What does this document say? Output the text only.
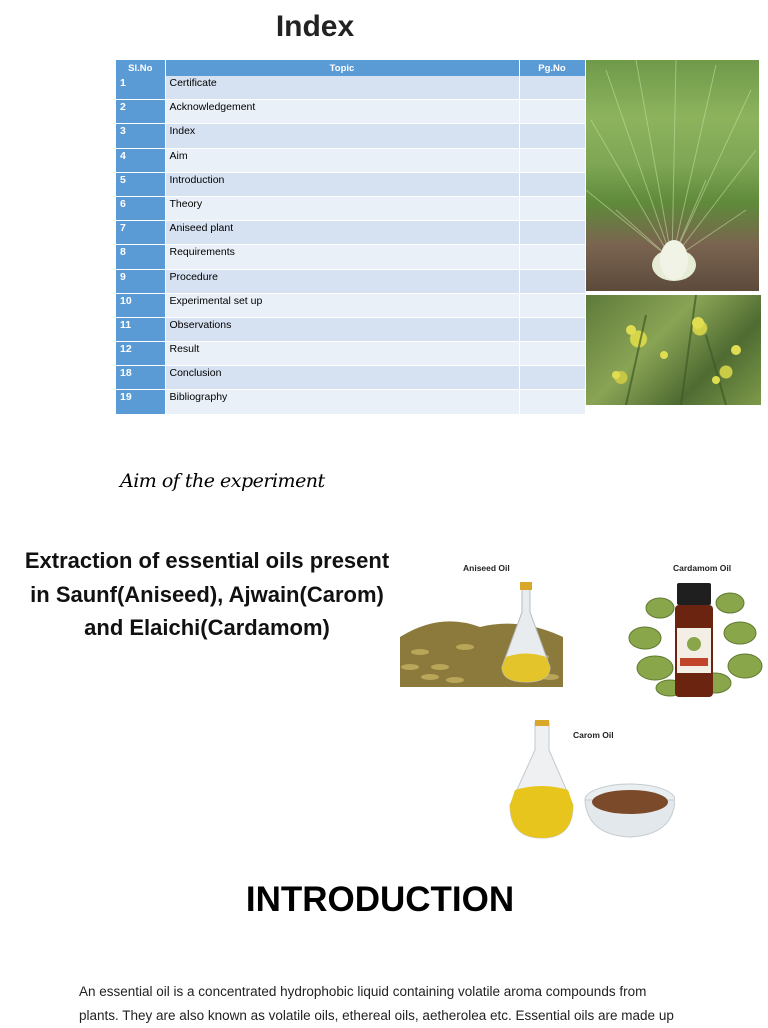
Index
Sl.No	Topic	Pg.No
1	Certificate	
2	Acknowledgement	
3	Index	
4	Aim	
5	Introduction	
6	Theory	
7	Aniseed plant	
8	Requirements	
9	Procedure	
10	Experimental set up	
11	Observations	
12	Result	
18	Conclusion	
19	Bibliography	
Aim of the experiment
Extraction of essential oils present
in Saunf(Aniseed), Ajwain(Carom)
and Elaichi(Cardamom)
Aniseed Oil	Cardamom Oil
Carom Oil
INTRODUCTION
An essential oil is a concentrated hydrophobic liquid containing volatile aroma compounds from
plants. They are also known as volatile oils, ethereal oils, aetherolea etc. Essential oils are made up
